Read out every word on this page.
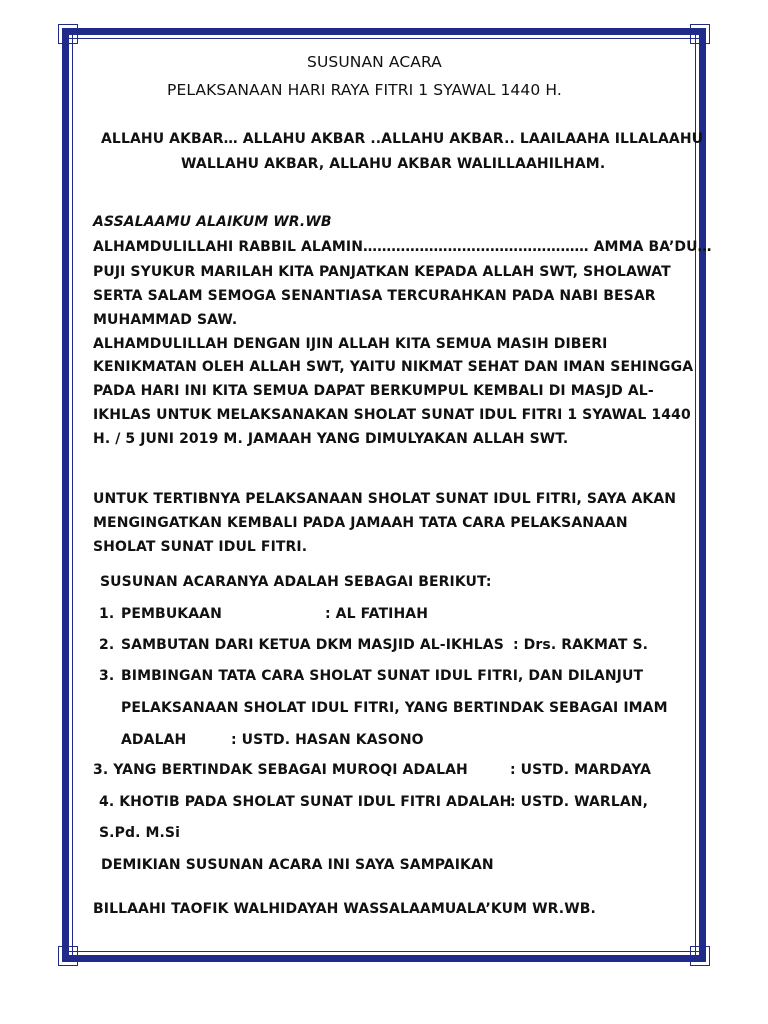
SUSUNAN ACARA
PELAKSANAAN HARI RAYA FITRI 1 SYAWAL 1440 H.
ALLAHU AKBAR… ALLAHU AKBAR ..ALLAHU AKBAR.. LAAILAAHA ILLALAAHU
WALLAHU AKBAR, ALLAHU AKBAR WALILLAAHILHAM.
ASSALAAMU ALAIKUM WR.WB
ALHAMDULILLAHI RABBIL ALAMIN………………………………………… AMMA BA’DU…
PUJI SYUKUR MARILAH KITA PANJATKAN KEPADA ALLAH SWT, SHOLAWAT
SERTA SALAM SEMOGA SENANTIASA TERCURAHKAN PADA NABI BESAR
MUHAMMAD SAW.
ALHAMDULILLAH DENGAN IJIN ALLAH KITA SEMUA MASIH DIBERI
KENIKMATAN OLEH ALLAH SWT, YAITU NIKMAT SEHAT DAN IMAN SEHINGGA
PADA HARI INI KITA SEMUA DAPAT BERKUMPUL KEMBALI DI MASJD AL-
IKHLAS UNTUK MELAKSANAKAN SHOLAT SUNAT IDUL FITRI 1 SYAWAL 1440
H. / 5 JUNI 2019 M. JAMAAH YANG DIMULYAKAN ALLAH SWT.
UNTUK TERTIBNYA PELAKSANAAN SHOLAT SUNAT IDUL FITRI, SAYA AKAN
MENGINGATKAN KEMBALI PADA JAMAAH TATA CARA PELAKSANAAN
SHOLAT SUNAT IDUL FITRI.
SUSUNAN ACARANYA ADALAH SEBAGAI BERIKUT:
1. PEMBUKAAN	: AL FATIHAH
2. SAMBUTAN DARI KETUA DKM MASJID AL-IKHLAS : Drs. RAKMAT S.
3. BIMBINGAN TATA CARA SHOLAT SUNAT IDUL FITRI, DAN DILANJUT
PELAKSANAAN SHOLAT IDUL FITRI, YANG BERTINDAK SEBAGAI IMAM
ADALAH	: USTD. HASAN KASONO
3. YANG BERTINDAK SEBAGAI MUROQI ADALAH	: USTD. MARDAYA
4. KHOTIB PADA SHOLAT SUNAT IDUL FITRI ADALAH
: USTD. WARLAN,
S.Pd. M.Si
DEMIKIAN SUSUNAN ACARA INI SAYA SAMPAIKAN
BILLAAHI TAOFIK WALHIDAYAH WASSALAAMUALA’KUM WR.WB.
